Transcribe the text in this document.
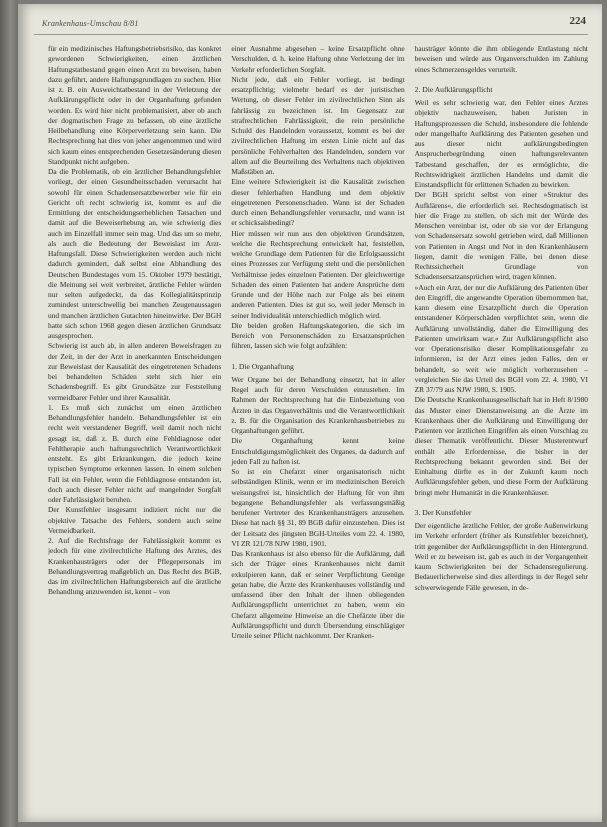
Krankenhaus-Umschau 8/81	224

für ein medizinisches Haftungsbetriebsrisiko, das konkret gewordenen Schwierigkeiten, einen ärztlichen Haftungstatbestand gegen einen Arzt zu beweisen, haben dazu geführt, andere Haftungsgrundlagen zu suchen. Hier ist z. B. ein Ausweichtatbestand in der Verletzung der Aufklärungspflicht oder in der Organhaftung gefunden worden. Es wird hier nicht problematisiert, aber ob auch der dogmatischen Frage zu befassen, ob eine ärztliche Heilbehandlung eine Körperverletzung sein kann. Die Rechtsprechung hat dies von jeher angenommen und wird sich kaum eines entsprechenden Gesetzesänderung diesen Standpunkt nicht aufgeben.

Da die Problematik, ob ein ärztlicher Behandlungsfehler vorliegt, der einen Gesundheitsschaden verursacht hat sowohl für einen Schadensersatzbewerber wie für ein Gericht oft recht schwierig ist, kommt es auf die Ermittlung der entscheidungserheblichen Tatsachen und damit auf die Beweiserhebung an, wie schwierig dies auch im Einzelfall immer sein mag. Und das um so mehr, als auch die Bedeutung der Beweislast im Arzt-Haftungsfall. Diese Schwierigkeiten werden auch nicht dadurch gemindert, daß selbst eine Abhandlung des Deutschen Bundestages vom 15. Oktober 1979 bestätigt, die Meinung sei weit verbreitet, ärztliche Fehler würden nur selten aufgedeckt, da das Kollegialitätsprinzip zumindest unterschwellig bei manchen Zeugenaussagen und manchen ärztlichen Gutachten hineinwirke. Der BGH hatte sich schon 1968 gegen diesen ärztlichen Grundsatz ausgesprochen.

Schwierig ist auch ab, in allen anderen Beweisfragen zu der Zeit, in der der Arzt in anerkannten Entscheidungen zur Beweislast der Kausalität des eingetretenen Schadens bei behandelten Schäden steht sich hier ein Schadensbegriff. Es gibt Grundsätze zur Feststellung vermeidbarer Fehler und ihrer Kausalität.

1. Es muß sich zunächst um einen ärztlichen Behandlungsfehler handeln. Behandlungsfehler ist ein recht weit verstandener Begriff, weil damit noch nicht gesagt ist, daß z. B. durch eine Fehldiagnose oder Fehltherapie auch haftungsrechtlich Verantwortlichkeit entsteht. Es gibt Erkrankungen, die jedoch keine typischen Symptome erkennen lassen. In einem solchen Fall ist ein Fehler, wenn die Fehldiagnose entstanden ist, doch auch dieser Fehler nicht auf mangelnder Sorgfalt oder Fahrlässigkeit beruhen.

Der Kunstfehler insgesamt indiziert nicht nur die objektive Tatsache des Fehlers, sondern auch seine Vermeidbarkeit.

2. Auf die Rechtsfrage der Fahrlässigkeit kommt es jedoch für eine zivilrechtliche Haftung des Arztes, des Krankenhausträgers oder der Pflegepersonals im Behandlungsvertrag maßgeblich an. Das Recht des BGB, das im zivilrechtlichen Haftungsbereich auf die ärztliche Behandlung anzuwenden ist, kennt – von

einer Ausnahme abgesehen – keine Ersatzpflicht ohne Verschulden, d. h. keine Haftung ohne Verletzung der im Verkehr erforderlichen Sorgfalt.

Nicht jede, daß ein Fehler vorliegt, ist bedingt ersatzpflichtig; vielmehr bedarf es der juristischen Wertung, ob dieser Fehler im zivilrechtlichen Sinn als fahrlässig zu bezeichnen ist. Im Gegensatz zur strafrechtlichen Fahrlässigkeit, die rein persönliche Schuld des Handelnden voraussetzt, kommt es bei der zivilrechtlichen Haftung im ersten Linie nicht auf das persönliche Fehlverhalten des Handelnden, sondern vor allem auf die Beurteilung des Verhaltens nach objektiven Maßstäben an.

Eine weitere Schwierigkeit ist die Kausalität zwischen dieser fehlerhaften Handlung und dem objektiv eingetretenen Personenschaden. Wann ist der Schaden durch einen Behandlungsfehler verursacht, und wann ist er schicksalsbedingt?

Hier müssen wir nun aus den objektiven Grundsätzen, welche die Rechtsprechung entwickelt hat, feststellen, welche Grundlage dem Patienten für die Erfolgsaussicht eines Prozesses zur Verfügung steht und die persönlichen Verhältnisse jedes einzelnen Patienten. Der gleichwertige Schaden des einen Patienten hat andere Ansprüche dem Grunde und der Höhe nach zur Folge als bei einem anderen Patienten. Dies ist gut so, weil jeder Mensch in seiner Individualität unterschiedlich möglich wird.

Die beiden großen Haftungskategorien, die sich im Bereich von Personenschäden zu Ersatzansprüchen führen, lassen sich wie folgt aufzählen:

1. Die Organhaftung

Wer Organe bei der Behandlung einsetzt, hat in aller Regel auch für deren Verschulden einzustehen. Im Rahmen der Rechtsprechung hat die Einbeziehung von Ärzten in das Organverhältnis und die Verantwortlichkeit z. B. für die Organisation des Krankenhausbetriebes zu Organhaftungen geführt.

Die Organhaftung kennt keine Entschuldigungsmöglichkeit des Organes, da dadurch auf jeden Fall zu haften ist.

So ist ein Chefarzt einer organisatorisch nicht selbständigen Klinik, wenn er im medizinischen Bereich weisungsfrei ist, hinsichtlich der Haftung für von ihm begangene Behandlungsfehler als verfassungsmäßig berufener Vertreter des Krankenhausträgers anzusehen. Diese hat nach §§ 31, 89 BGB dafür einzustehen. Dies ist der Leitsatz des jüngsten BGH-Urteiles vom 22. 4. 1980, VI ZR 121/78 NJW 1980, 1901.

Das Krankenhaus ist also ebenso für die Aufklärung, daß sich der Träger eines Krankenhauses nicht damit exkulpieren kann, daß er seiner Verpflichtung Genüge getan habe, die Ärzte des Krankenhauses vollständig und umfassend über den Inhalt der ihnen obliegenden Aufklärungspflicht unterrichtet zu haben, wenn ein Chefarzt allgemeine Hinweise an die Chefärzte über die Aufklärungspflicht und durch Übersendung einschlägiger Urteile seiner Pflicht nachkommt. Der Kranken-

hausträger könnte die ihm obliegende Entlastung nicht beweisen und würde aus Organverschulden im Zahlung eines Schmerzensgeldes verurteilt.

2. Die Aufklärungspflicht

Weil es sehr schwierig war, den Fehler eines Arztes objektiv nachzuweisen, haben Juristen in Haftungsprozessen die Schuld, insbesondere die fehlende oder mangelhafte Aufklärung des Patienten gesehen und aus dieser nicht aufklärungsbedingten Ansprucherbegründung einen haftungsrelevanten Tatbestand geschaffen, der es ermöglichte, die Rechtswidrigkeit ärztlichen Handelns und damit die Einstandspflicht für erlittenen Schaden zu bewirken.

Der BGH spricht selbst von einer »Struktur des Aufklärens«, die erforderlich sei. Rechtsdogmatisch ist hier die Frage zu stellen, ob sich mit der Würde des Menschen vereinbar ist, oder ob sie vor der Erlangung von Schadensersatz sowohl getrieben wird, daß Millionen von Patienten in Angst und Not in den Krankenhäusern liegen, damit die wenigen Fälle, bei denen diese Rechtssicherheit Grundlage von Schadensersatzansprüchen wird, tragen können.

»Auch ein Arzt, der nur die Aufklärung des Patienten über den Eingriff, die angewandte Operation übernommen hat, kann diesem eine Ersatzpflicht durch die Operation entstandener Körperschäden verpflichtet sein, wenn die Aufklärung unvollständig, daher die Einwilligung des Patienten unwirksam war.« Zur Aufklärungspflicht also vor Operationsrisiko dieser Komplikationsgefahr zu informieren, ist der Arzt eines jeden Falles, den er behandelt, so weit wie möglich vorherzusehen – vergleichen Sie das Urteil des BGH vom 22. 4. 1980, VI ZR 37/79 aus NJW 1980, S. 1905.

Die Deutsche Krankenhausgesellschaft hat in Heft 8/1980 das Muster einer Dienstanweisung an die Ärzte im Krankenhaus über die Aufklärung und Einwilligung der Patienten vor ärztlichen Eingriffen als einen Vorschlag zu dieser Thematik veröffentlicht. Dieser Musterentwurf enthält alle Erfordernisse, die bisher in der Rechtsprechung bekannt geworden sind. Bei der Einhaltung dürfte es in der Zukunft kaum noch Aufklärungsfehler geben, und diese Form der Aufklärung bringt mehr Humanität in die Krankenhäuser.

3. Der Kunstfehler

Der eigentliche ärztliche Fehler, der große Außenwirkung im Verkehr erfordert (früher als Kunstfehler bezeichnet), tritt gegenüber der Aufklärungspflicht in den Hintergrund. Weil er zu beweisen ist, gab es auch in der Vergangenheit kaum Schwierigkeiten bei der Schadensregulierung. Bedauerlicherweise sind dies allerdings in der Regel sehr schwerwiegende Fälle gewesen, in de-
